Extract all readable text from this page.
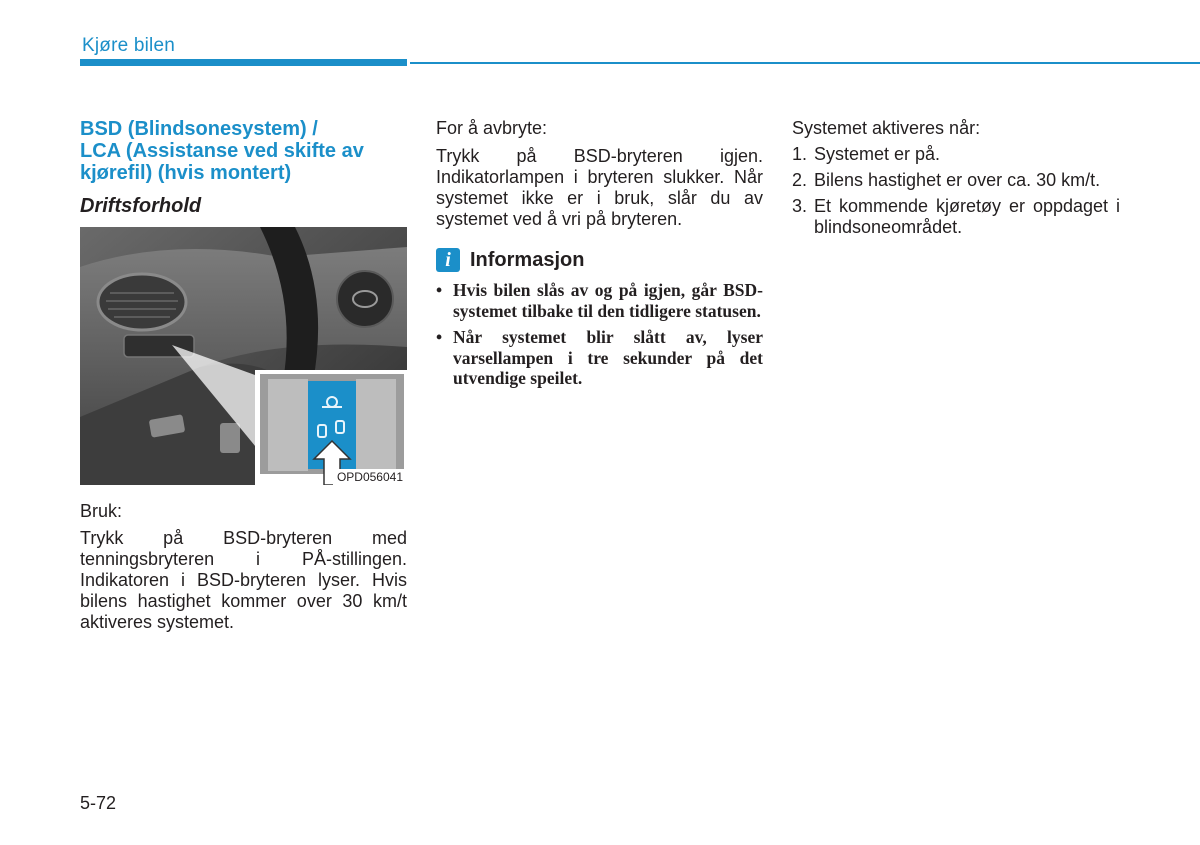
Kjøre bilen
BSD (Blindsonesystem) /
LCA (Assistanse ved skifte av
kjørefil) (hvis montert)
Driftsforhold
OPD056041

Bruk:

Trykk på BSD-bryteren med tenningsbryteren i PÅ-stillingen. Indikatoren i BSD-bryteren lyser. Hvis bilens hastighet kommer over 30 km/t aktiveres systemet.

For å avbryte:

Trykk på BSD-bryteren igjen. Indikatorlampen i bryteren slukker. Når systemet ikke er i bruk, slår du av systemet ved å vri på bryteren.

i Informasjon
• Hvis bilen slås av og på igjen, går BSD-systemet tilbake til den tidligere statusen.
• Når systemet blir slått av, lyser varsellampen i tre sekunder på det utvendige speilet.

Systemet aktiveres når:

1. Systemet er på.
2. Bilens hastighet er over ca. 30 km/t.
3. Et kommende kjøretøy er oppdaget i blindsoneområdet.
5-72
